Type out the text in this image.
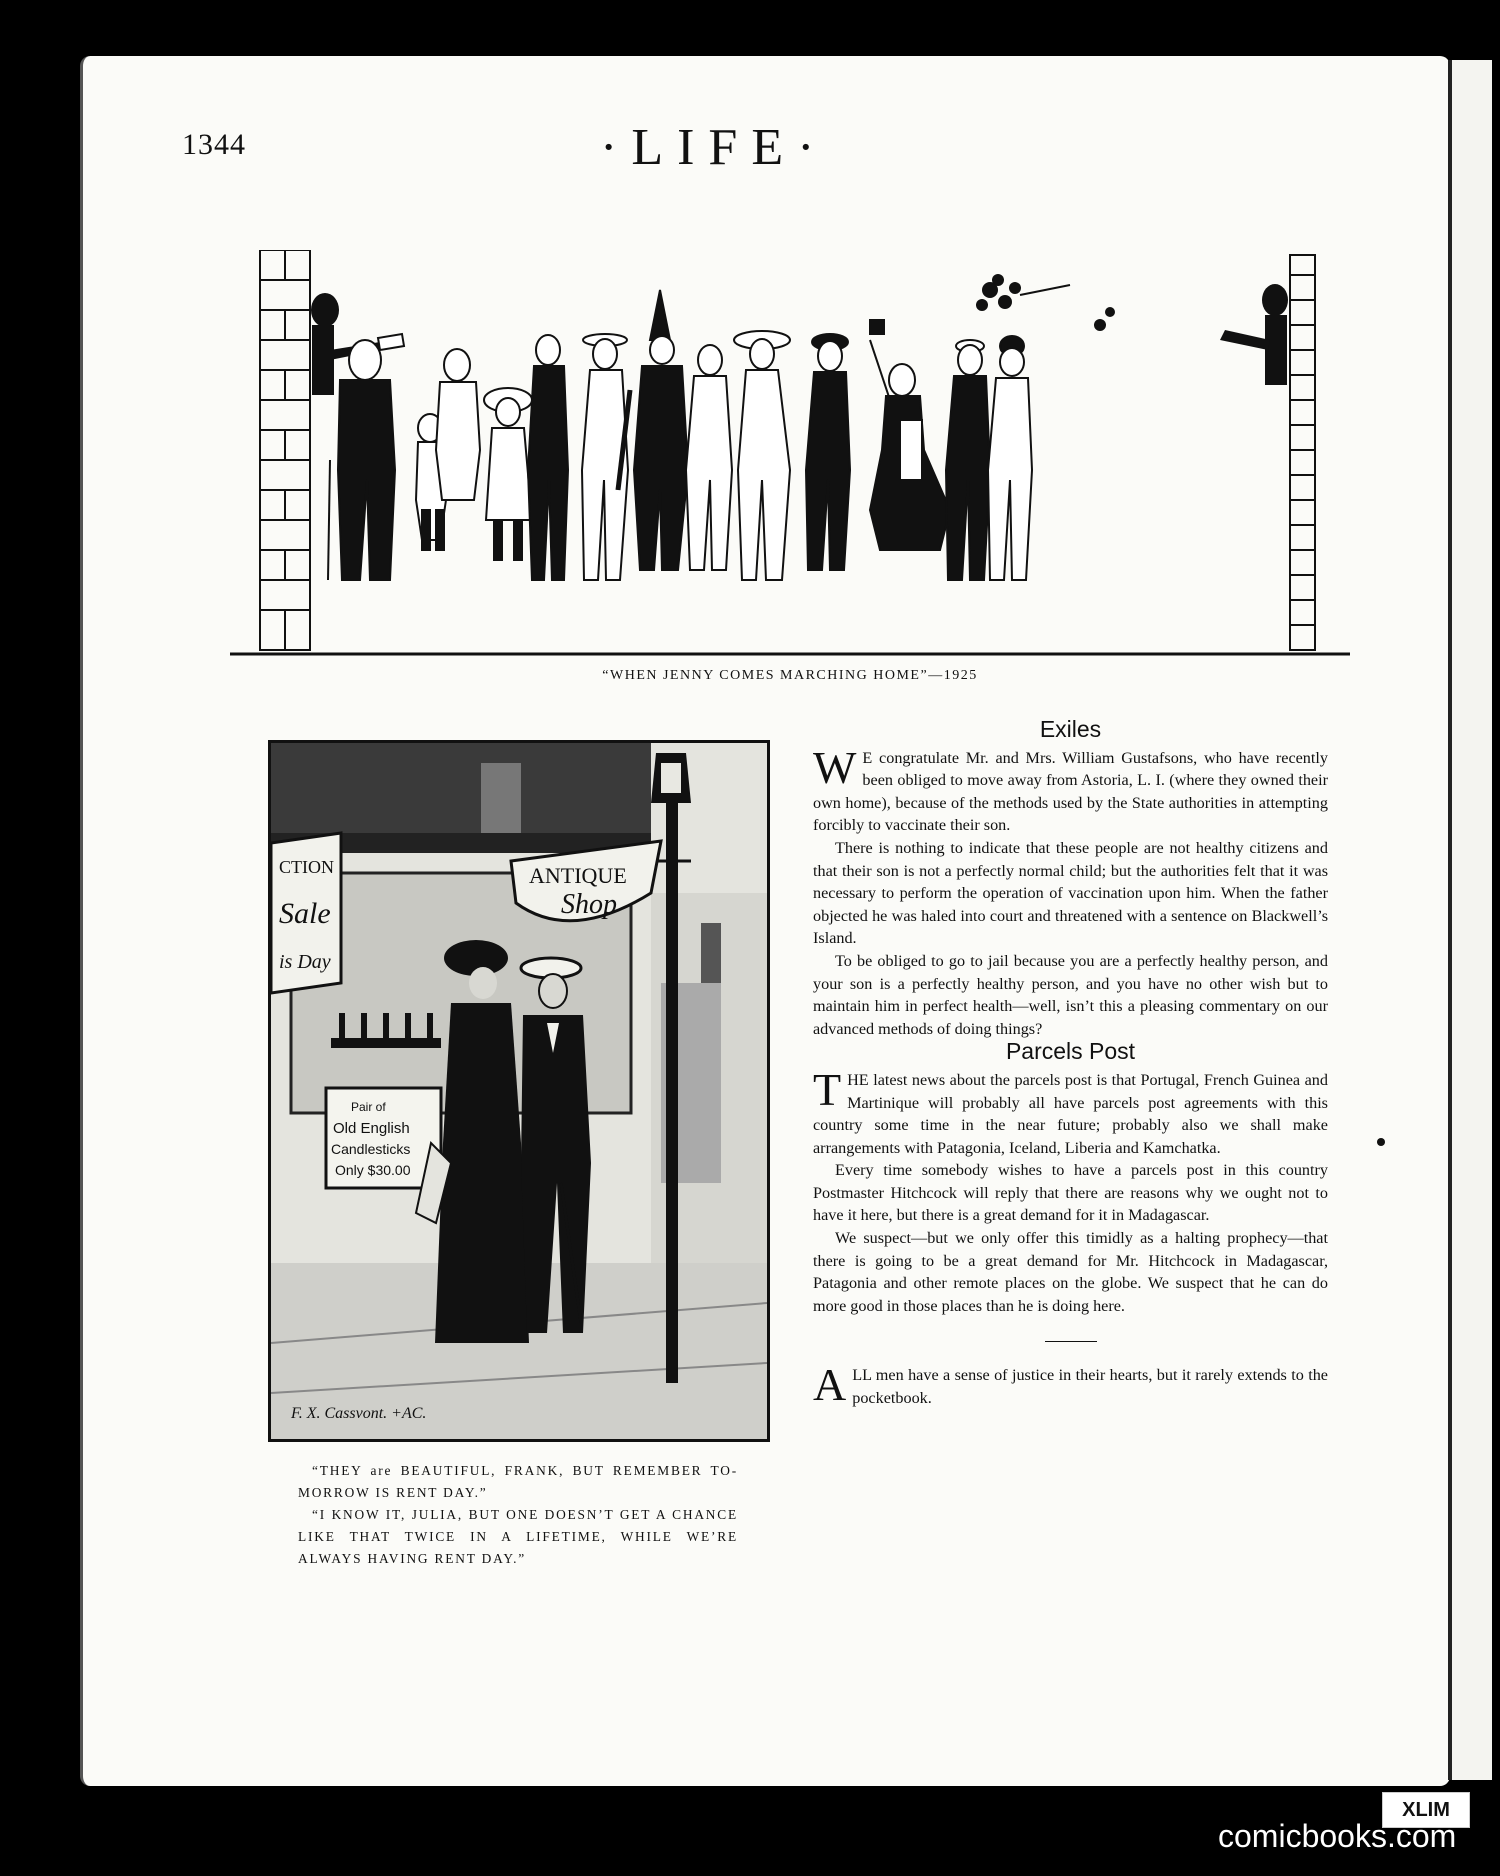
1344	·LIFE·
“WHEN JENNY COMES MARCHING HOME”—1925
ANTIQUE
Shop
CTION
Sale
is Day
Pair of
Old English
Candlesticks
Only $30.00
F. X. Cassvont. +AC.

“THEY are BEAUTIFUL, FRANK, BUT REMEMBER TO-MORROW IS RENT DAY.”

“I KNOW IT, JULIA, BUT ONE DOESN’T GET A CHANCE LIKE THAT TWICE IN A LIFETIME, WHILE WE’RE ALWAYS HAVING RENT DAY.”

Exiles

W E congratulate Mr. and Mrs. William Gustafsons, who have recently been obliged to move away from Astoria, L. I. (where they owned their own home), because of the methods used by the State authorities in attempting forcibly to vaccinate their son.

There is nothing to indicate that these people are not healthy citizens and that their son is not a perfectly normal child; but the authorities felt that it was necessary to perform the operation of vaccination upon him. When the father objected he was haled into court and threatened with a sentence on Blackwell’s Island.

To be obliged to go to jail because you are a perfectly healthy person, and your son is a perfectly healthy person, and you have no other wish but to maintain him in perfect health—well, isn’t this a pleasing commentary on our advanced methods of doing things?

Parcels Post

THE latest news about the parcels post is that Portugal, French Guinea and Martinique will probably all have parcels post agreements with this country some time in the near future; probably also we shall make arrangements with Patagonia, Iceland, Liberia and Kamchatka.

Every time somebody wishes to have a parcels post in this country Postmaster Hitchcock will reply that there are reasons why we ought not to have it here, but there is a great demand for it in Madagascar.

We suspect—but we only offer this timidly as a halting prophecy—that there is going to be a great demand for Mr. Hitchcock in Madagascar, Patagonia and other remote places on the globe. We suspect that he can do more good in those places than he is doing here.

ALL men have a sense of justice in their hearts, but it rarely extends to the pocketbook.

XLIM
comicbooks.com
